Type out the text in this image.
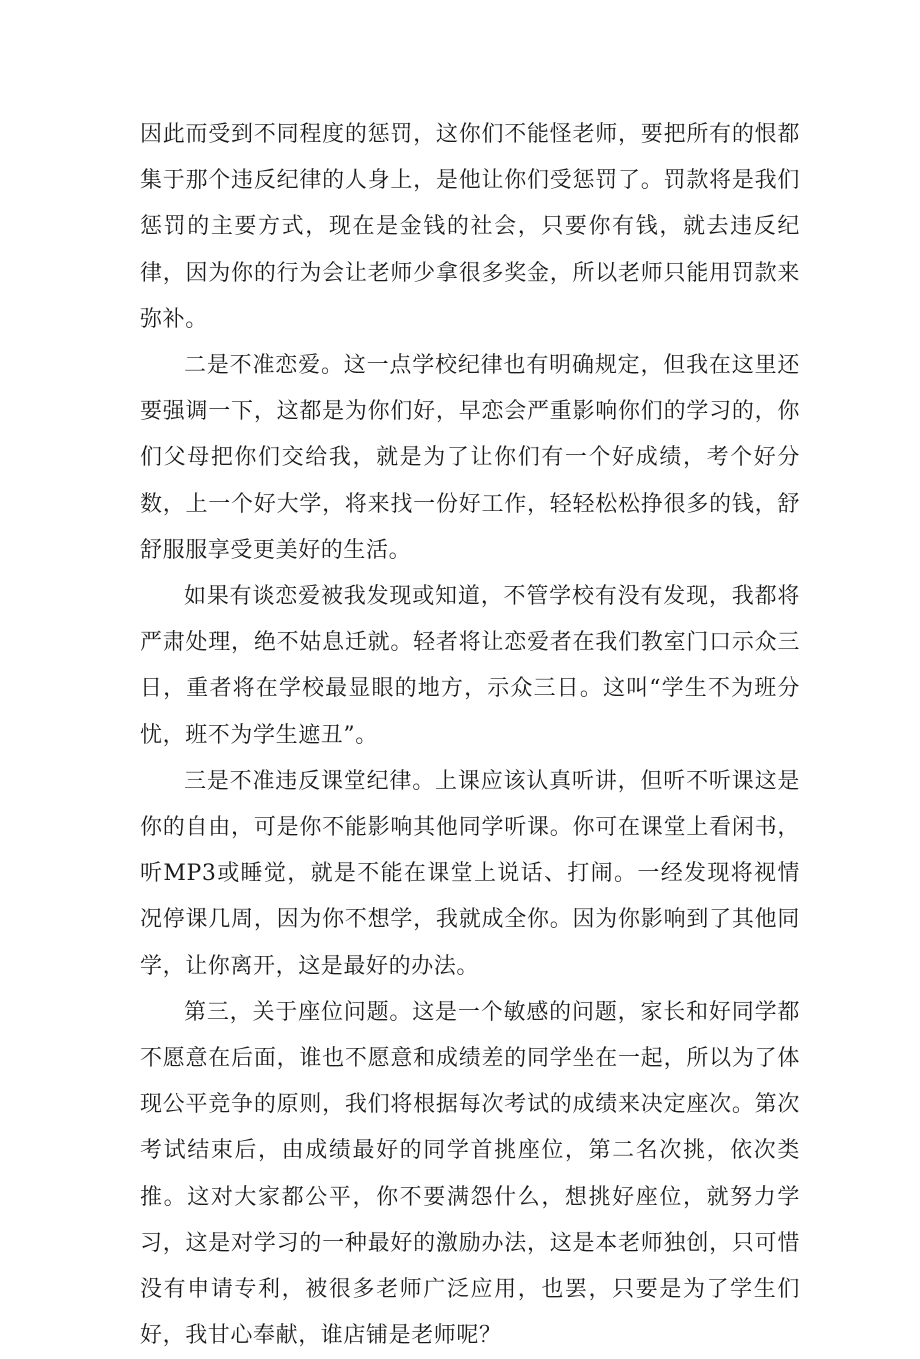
因此而受到不同程度的惩罚，这你们不能怪老师，要把所有的恨都集于那个违反纪律的人身上，是他让你们受惩罚了。罚款将是我们惩罚的主要方式，现在是金钱的社会，只要你有钱，就去违反纪律，因为你的行为会让老师少拿很多奖金，所以老师只能用罚款来弥补。

二是不准恋爱。这一点学校纪律也有明确规定，但我在这里还要强调一下，这都是为你们好，早恋会严重影响你们的学习的，你们父母把你们交给我，就是为了让你们有一个好成绩，考个好分数，上一个好大学，将来找一份好工作，轻轻松松挣很多的钱，舒舒服服享受更美好的生活。

如果有谈恋爱被我发现或知道，不管学校有没有发现，我都将严肃处理，绝不姑息迁就。轻者将让恋爱者在我们教室门口示众三日，重者将在学校最显眼的地方，示众三日。这叫“学生不为班分忧，班不为学生遮丑”。

三是不准违反课堂纪律。上课应该认真听讲，但听不听课这是你的自由，可是你不能影响其他同学听课。你可在课堂上看闲书，听MP3或睡觉，就是不能在课堂上说话、打闹。一经发现将视情况停课几周，因为你不想学，我就成全你。因为你影响到了其他同学，让你离开，这是最好的办法。

第三，关于座位问题。这是一个敏感的问题，家长和好同学都不愿意在后面，谁也不愿意和成绩差的同学坐在一起，所以为了体现公平竞争的原则，我们将根据每次考试的成绩来决定座次。第次考试结束后，由成绩最好的同学首挑座位，第二名次挑，依次类推。这对大家都公平，你不要满怨什么，想挑好座位，就努力学习，这是对学习的一种最好的激励办法，这是本老师独创，只可惜没有申请专利，被很多老师广泛应用，也罢，只要是为了学生们好，我甘心奉献，谁店铺是老师呢？
